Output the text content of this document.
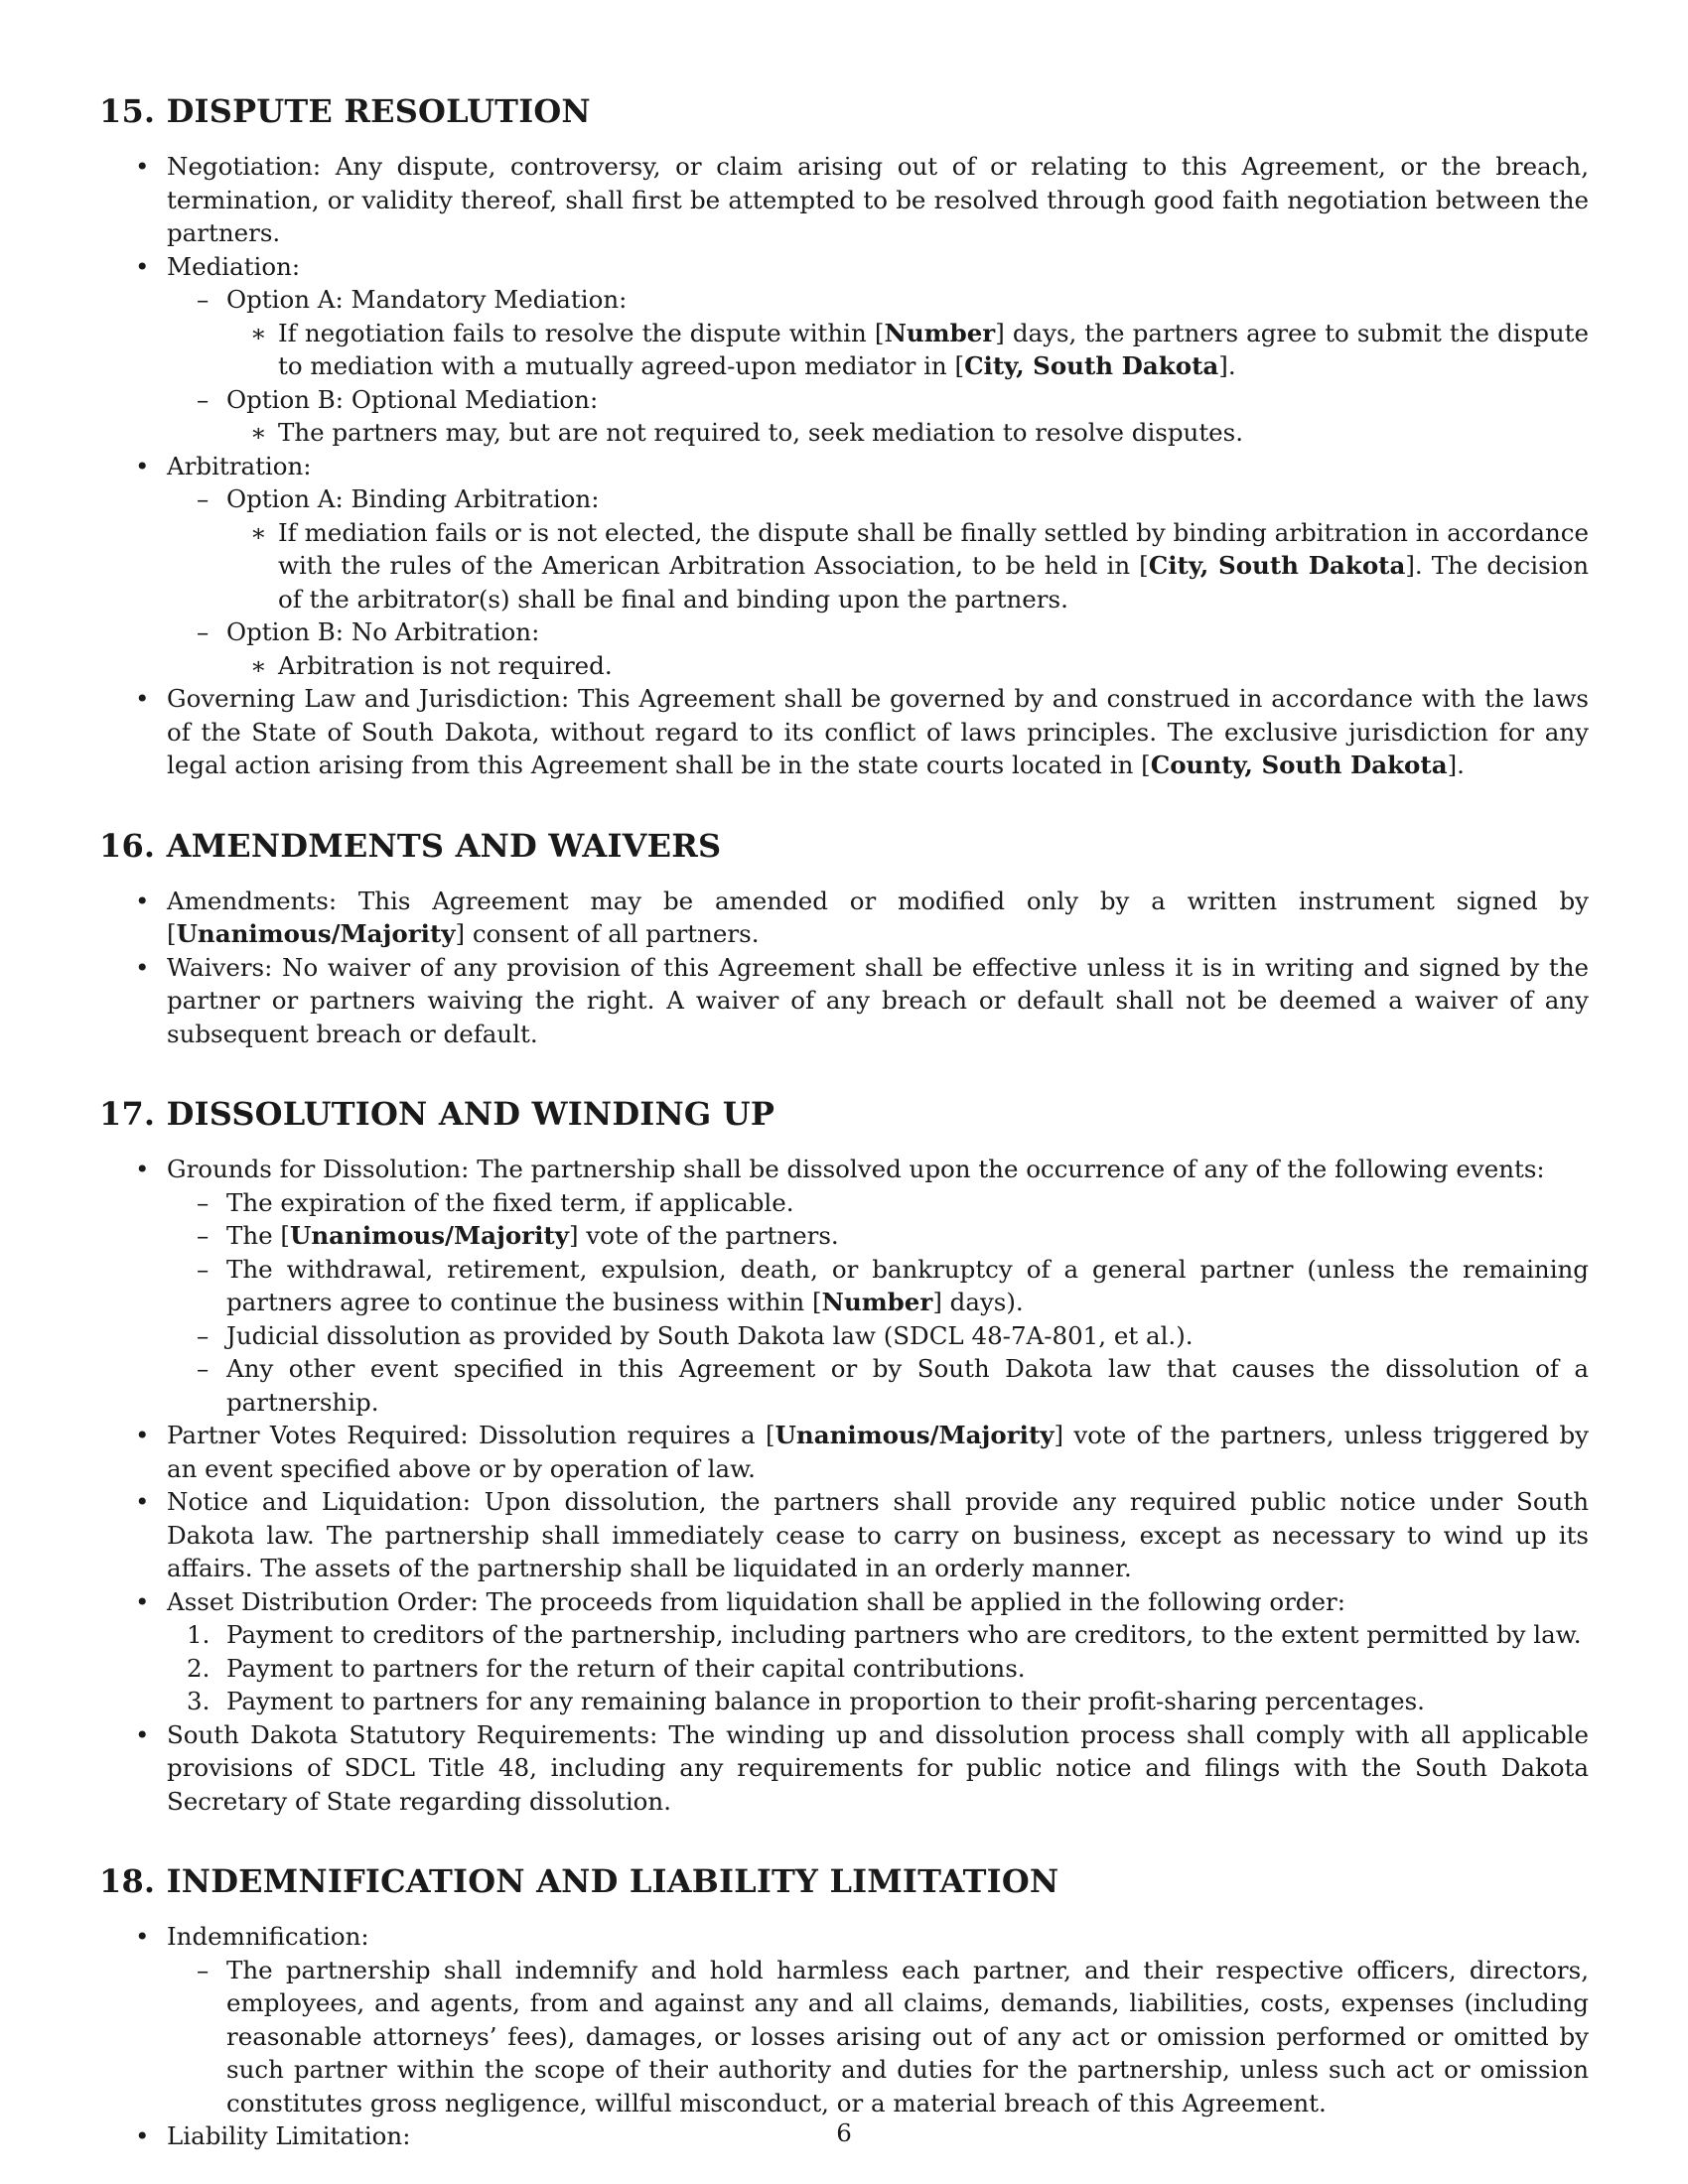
15. DISPUTE RESOLUTION
• Negotiation: Any dispute, controversy, or claim arising out of or relating to this Agreement, or the breach, termination, or validity thereof, shall first be attempted to be resolved through good faith negotiation between the partners.
• Mediation:
– Option A: Mandatory Mediation:
∗ If negotiation fails to resolve the dispute within [Number] days, the partners agree to submit the dispute to mediation with a mutually agreed-upon mediator in [City, South Dakota].
– Option B: Optional Mediation:
∗ The partners may, but are not required to, seek mediation to resolve disputes.
• Arbitration:
– Option A: Binding Arbitration:
∗ If mediation fails or is not elected, the dispute shall be finally settled by binding arbitration in accordance with the rules of the American Arbitration Association, to be held in [City, South Dakota]. The decision of the arbitrator(s) shall be final and binding upon the partners.
– Option B: No Arbitration:
∗ Arbitration is not required.
• Governing Law and Jurisdiction: This Agreement shall be governed by and construed in accordance with the laws of the State of South Dakota, without regard to its conflict of laws principles. The exclusive jurisdiction for any legal action arising from this Agreement shall be in the state courts located in [County, South Dakota].
16. AMENDMENTS AND WAIVERS
• Amendments: This Agreement may be amended or modified only by a written instrument signed by [Unanimous/Majority] consent of all partners.
• Waivers: No waiver of any provision of this Agreement shall be effective unless it is in writing and signed by the partner or partners waiving the right. A waiver of any breach or default shall not be deemed a waiver of any subsequent breach or default.
17. DISSOLUTION AND WINDING UP
• Grounds for Dissolution: The partnership shall be dissolved upon the occurrence of any of the following events:
– The expiration of the fixed term, if applicable.
– The [Unanimous/Majority] vote of the partners.
– The withdrawal, retirement, expulsion, death, or bankruptcy of a general partner (unless the remaining partners agree to continue the business within [Number] days).
– Judicial dissolution as provided by South Dakota law (SDCL 48-7A-801, et al.).
– Any other event specified in this Agreement or by South Dakota law that causes the dissolution of a partnership.
• Partner Votes Required: Dissolution requires a [Unanimous/Majority] vote of the partners, unless triggered by an event specified above or by operation of law.
• Notice and Liquidation: Upon dissolution, the partners shall provide any required public notice under South Dakota law. The partnership shall immediately cease to carry on business, except as necessary to wind up its affairs. The assets of the partnership shall be liquidated in an orderly manner.
• Asset Distribution Order: The proceeds from liquidation shall be applied in the following order:
1. Payment to creditors of the partnership, including partners who are creditors, to the extent permitted by law.
2. Payment to partners for the return of their capital contributions.
3. Payment to partners for any remaining balance in proportion to their profit-sharing percentages.
• South Dakota Statutory Requirements: The winding up and dissolution process shall comply with all applicable provisions of SDCL Title 48, including any requirements for public notice and filings with the South Dakota Secretary of State regarding dissolution.
18. INDEMNIFICATION AND LIABILITY LIMITATION
• Indemnification:
– The partnership shall indemnify and hold harmless each partner, and their respective officers, directors, employees, and agents, from and against any and all claims, demands, liabilities, costs, expenses (including reasonable attorneys’ fees), damages, or losses arising out of any act or omission performed or omitted by such partner within the scope of their authority and duties for the partnership, unless such act or omission constitutes gross negligence, willful misconduct, or a material breach of this Agreement.
• Liability Limitation:	6
